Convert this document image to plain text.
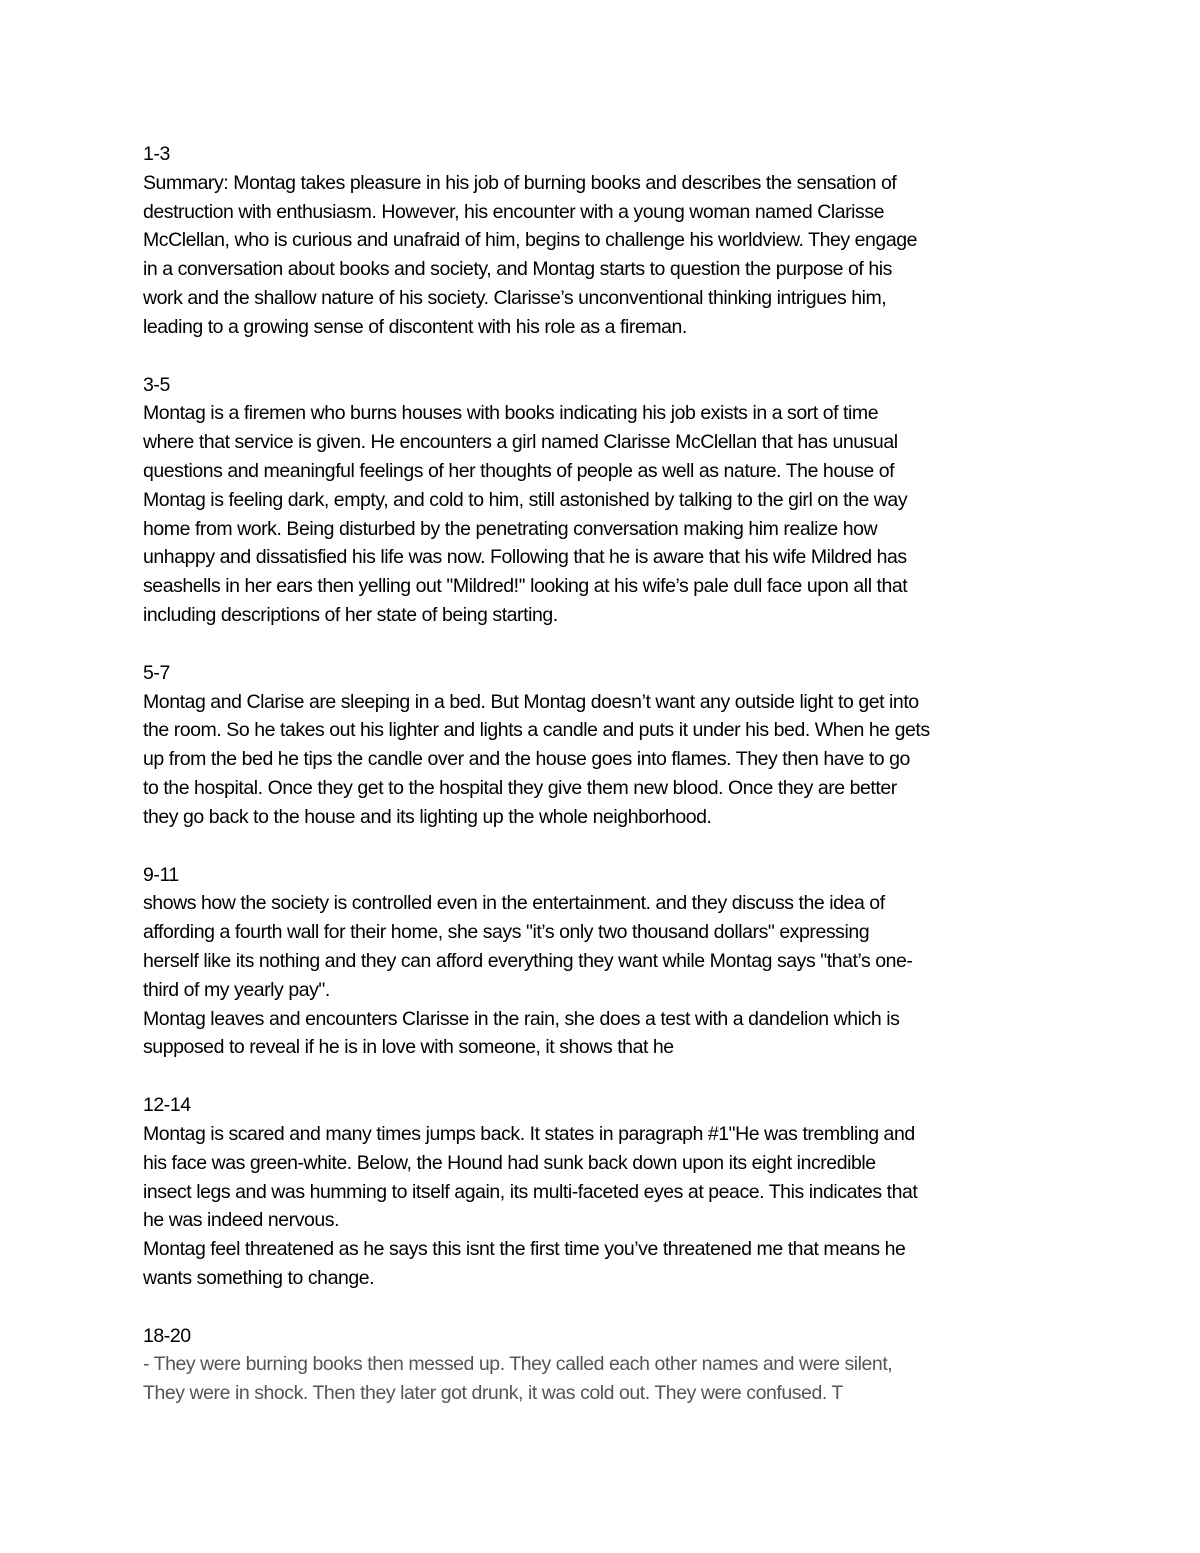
1-3
Summary: Montag takes pleasure in his job of burning books and describes the sensation of
destruction with enthusiasm. However, his encounter with a young woman named Clarisse
McClellan, who is curious and unafraid of him, begins to challenge his worldview. They engage
in a conversation about books and society, and Montag starts to question the purpose of his
work and the shallow nature of his society. Clarisse’s unconventional thinking intrigues him,
leading to a growing sense of discontent with his role as a fireman.
3-5
Montag is a firemen who burns houses with books indicating his job exists in a sort of time
where that service is given. He encounters a girl named Clarisse McClellan that has unusual
questions and meaningful feelings of her thoughts of people as well as nature. The house of
Montag is feeling dark, empty, and cold to him, still astonished by talking to the girl on the way
home from work. Being disturbed by the penetrating conversation making him realize how
unhappy and dissatisfied his life was now. Following that he is aware that his wife Mildred has
seashells in her ears then yelling out ''Mildred!'' looking at his wife’s pale dull face upon all that
including descriptions of her state of being starting.
5-7
Montag and Clarise are sleeping in a bed. But Montag doesn’t want any outside light to get into
the room. So he takes out his lighter and lights a candle and puts it under his bed. When he gets
up from the bed he tips the candle over and the house goes into flames. They then have to go
to the hospital. Once they get to the hospital they give them new blood. Once they are better
they go back to the house and its lighting up the whole neighborhood.
9-11
shows how the society is controlled even in the entertainment. and they discuss the idea of
affording a fourth wall for their home, she says "it’s only two thousand dollars" expressing
herself like its nothing and they can afford everything they want while Montag says "that’s one-
third of my yearly pay".
Montag leaves and encounters Clarisse in the rain, she does a test with a dandelion which is
supposed to reveal if he is in love with someone, it shows that he
12-14
Montag is scared and many times jumps back. It states in paragraph #1"He was trembling and
his face was green-white. Below, the Hound had sunk back down upon its eight incredible
insect legs and was humming to itself again, its multi-faceted eyes at peace. This indicates that
he was indeed nervous.
Montag feel threatened as he says this isnt the first time you’ve threatened me that means he
wants something to change.
18-20
- They were burning books then messed up. They called each other names and were silent,
They were in shock. Then they later got drunk, it was cold out. They were confused. T
